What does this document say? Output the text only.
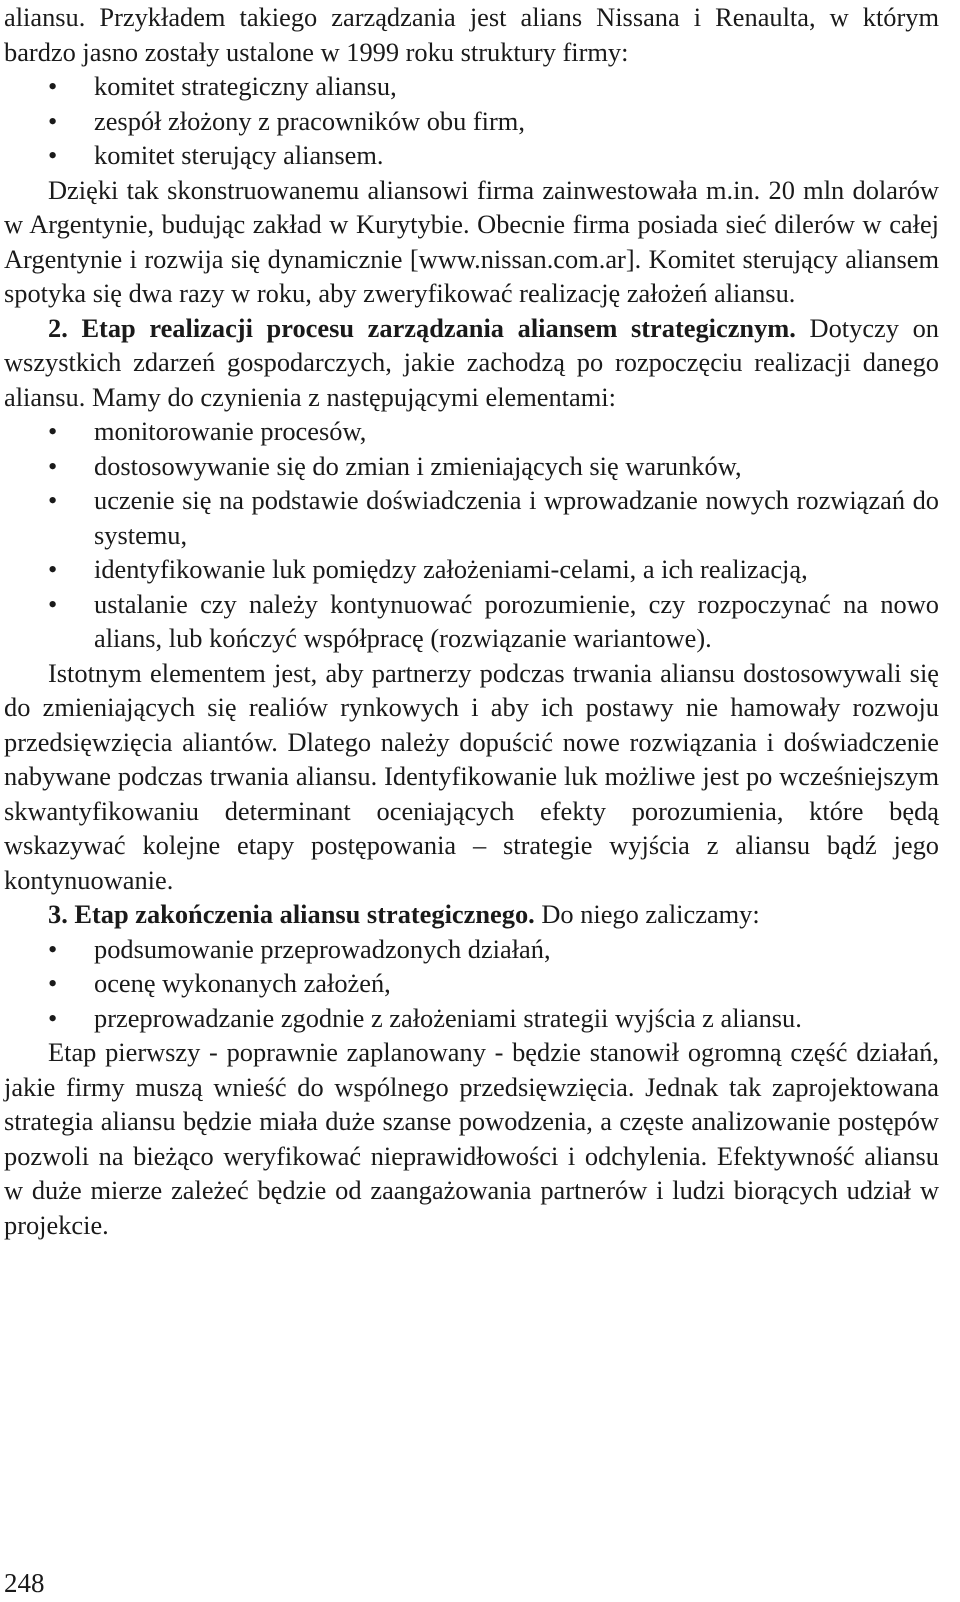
aliansu. Przykładem takiego zarządzania jest alians Nissana i Renaulta, w którym bardzo jasno zostały ustalone w 1999 roku struktury firmy:

• komitet strategiczny aliansu,
• zespół złożony z pracowników obu firm,
• komitet sterujący aliansem.

Dzięki tak skonstruowanemu aliansowi firma zainwestowała m.in. 20 mln dolarów w Argentynie, budując zakład w Kurytybie. Obecnie firma posiada sieć dilerów w całej Argentynie i rozwija się dynamicznie [www.nissan.com.ar]. Komitet sterujący aliansem spotyka się dwa razy w roku, aby zweryfikować realizację założeń aliansu.

2. Etap realizacji procesu zarządzania aliansem strategicznym. Dotyczy on wszystkich zdarzeń gospodarczych, jakie zachodzą po rozpoczęciu realizacji danego aliansu. Mamy do czynienia z następującymi elementami:

• monitorowanie procesów,
• dostosowywanie się do zmian i zmieniających się warunków,
• uczenie się na podstawie doświadczenia i wprowadzanie nowych rozwiązań do systemu,
• identyfikowanie luk pomiędzy założeniami-celami, a ich realizacją,
• ustalanie czy należy kontynuować porozumienie, czy rozpoczynać na nowo alians, lub kończyć współpracę (rozwiązanie wariantowe).

Istotnym elementem jest, aby partnerzy podczas trwania aliansu dostosowywali się do zmieniających się realiów rynkowych i aby ich postawy nie hamowały rozwoju przedsięwzięcia aliantów. Dlatego należy dopuścić nowe rozwiązania i doświadczenie nabywane podczas trwania aliansu. Identyfikowanie luk możliwe jest po wcześniejszym skwantyfikowaniu determinant oceniających efekty porozumienia, które będą wskazywać kolejne etapy postępowania – strategie wyjścia z aliansu bądź jego kontynuowanie.

3. Etap zakończenia aliansu strategicznego. Do niego zaliczamy:

• podsumowanie przeprowadzonych działań,
• ocenę wykonanych założeń,
• przeprowadzanie zgodnie z założeniami strategii wyjścia z aliansu.

Etap pierwszy - poprawnie zaplanowany - będzie stanowił ogromną część działań, jakie firmy muszą wnieść do wspólnego przedsięwzięcia. Jednak tak zaprojektowana strategia aliansu będzie miała duże szanse powodzenia, a częste analizowanie postępów pozwoli na bieżąco weryfikować nieprawidłowości i odchylenia. Efektywność aliansu w duże mierze zależeć będzie od zaangażowania partnerów i ludzi biorących udział w projekcie.

248
